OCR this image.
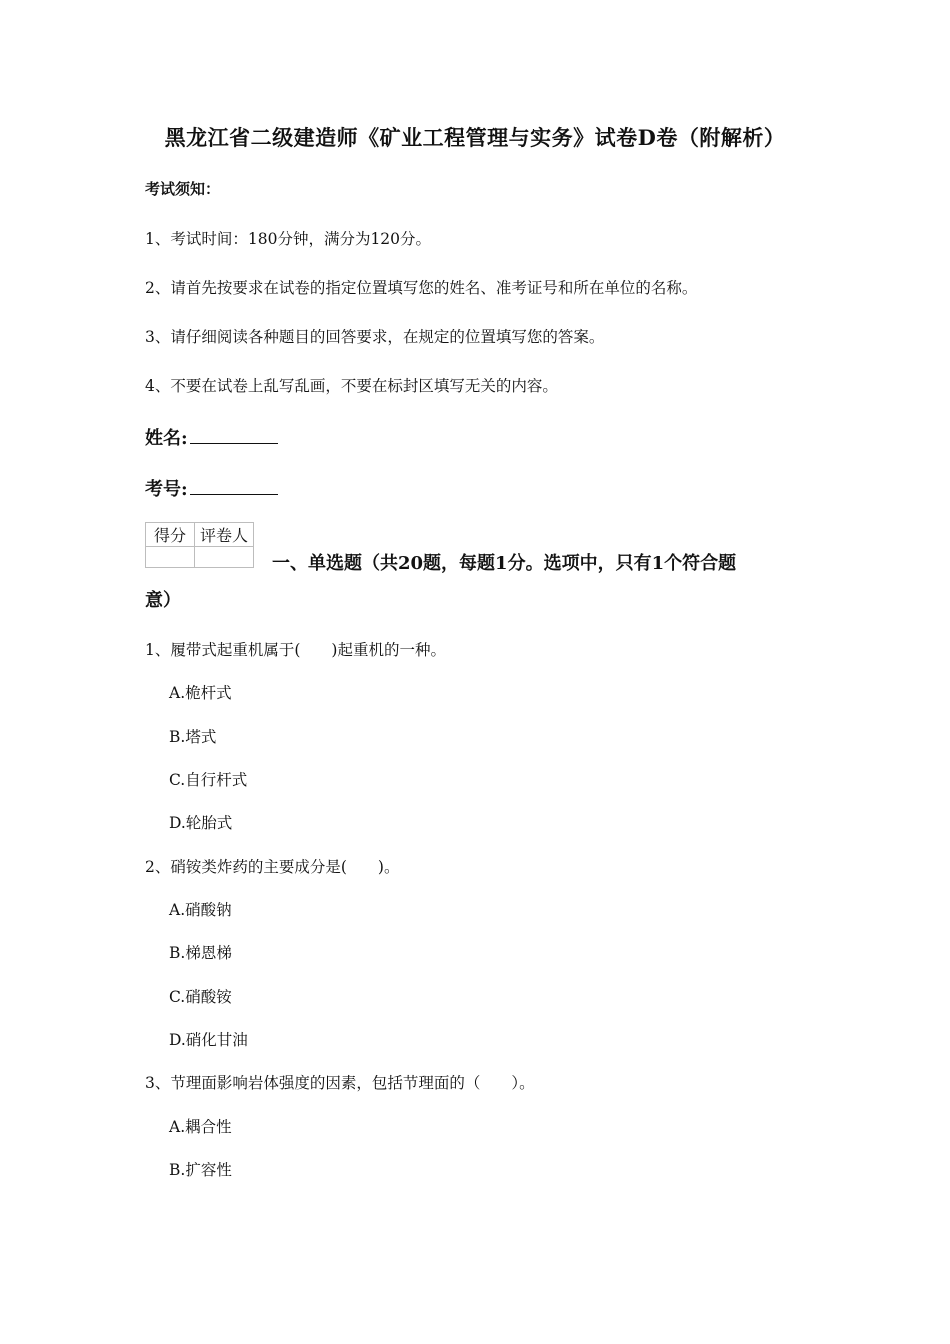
黑龙江省二级建造师《矿业工程管理与实务》试卷D卷（附解析）
考试须知：
1、考试时间：180分钟，满分为120分。
2、请首先按要求在试卷的指定位置填写您的姓名、准考证号和所在单位的名称。
3、请仔细阅读各种题目的回答要求，在规定的位置填写您的答案。
4、不要在试卷上乱写乱画，不要在标封区填写无关的内容。
姓名:
考号:
得分	评卷人

一、单选题（共20题，每题1分。选项中，只有1个符合题
意）
1、履带式起重机属于(　　)起重机的一种。
A.桅杆式
B.塔式
C.自行杆式
D.轮胎式
2、硝铵类炸药的主要成分是(　　)。
A.硝酸钠
B.梯恩梯
C.硝酸铵
D.硝化甘油
3、节理面影响岩体强度的因素，包括节理面的（　　）。
A.耦合性
B.扩容性
